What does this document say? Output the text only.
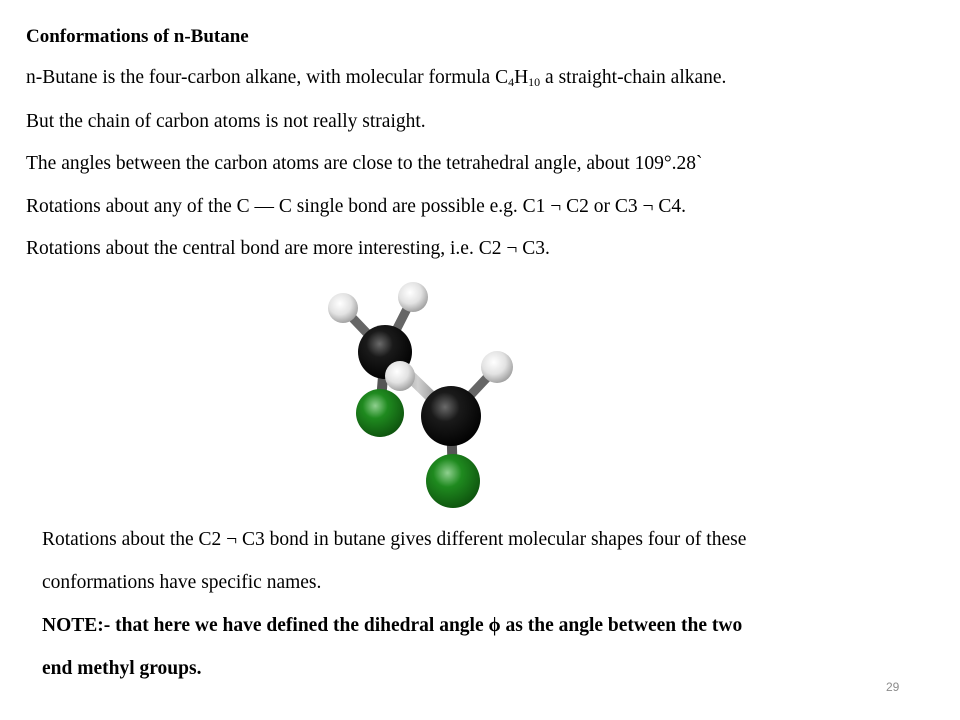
Conformations of n-Butane
n-Butane is the four-carbon alkane, with molecular formula $C_4H_{10}$ a straight-chain alkane.
But the chain of carbon atoms is not really straight.
The angles between the carbon atoms are close to the tetrahedral angle, about 109°.28`
Rotations about any of the C — C single bond are possible e.g. C1 ¬ C2 or C3 ¬ C4.
Rotations about the central bond are more interesting, i.e. C2 ¬ C3.
Rotations about the C2 ¬ C3 bond in butane gives different molecular shapes four of these
conformations have specific names.
NOTE:- that here we have defined the dihedral angle ϕ as the angle between the two
end methyl groups.
29
